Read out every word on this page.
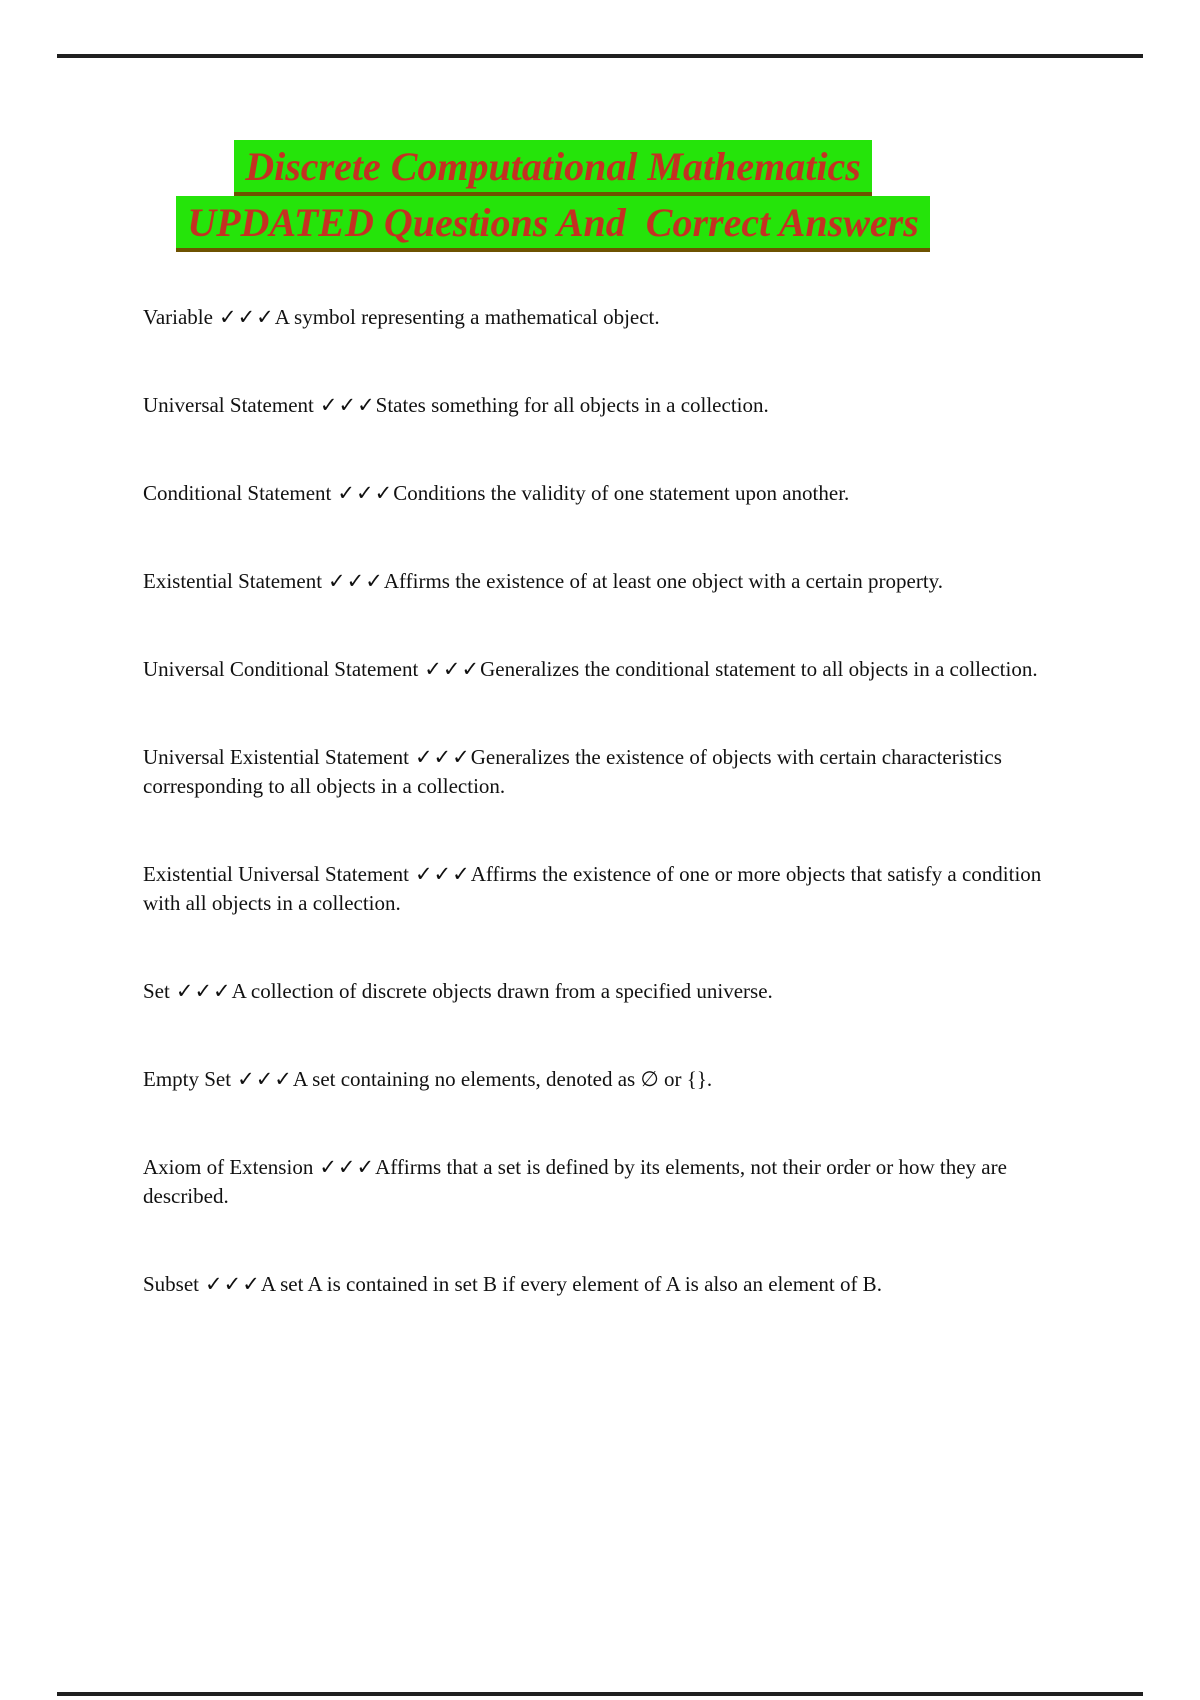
Discrete Computational Mathematics
UPDATED Questions And  Correct Answers

Variable ✓✓✓A symbol representing a mathematical object.

Universal Statement ✓✓✓States something for all objects in a collection.

Conditional Statement ✓✓✓Conditions the validity of one statement upon another.

Existential Statement ✓✓✓Affirms the existence of at least one object with a certain property.

Universal Conditional Statement ✓✓✓Generalizes the conditional statement to all objects in a collection.

Universal Existential Statement ✓✓✓Generalizes the existence of objects with certain characteristics corresponding to all objects in a collection.

Existential Universal Statement ✓✓✓Affirms the existence of one or more objects that satisfy a condition with all objects in a collection.

Set ✓✓✓A collection of discrete objects drawn from a specified universe.

Empty Set ✓✓✓A set containing no elements, denoted as ∅ or {}.

Axiom of Extension ✓✓✓Affirms that a set is defined by its elements, not their order or how they are described.

Subset ✓✓✓A set A is contained in set B if every element of A is also an element of B.
